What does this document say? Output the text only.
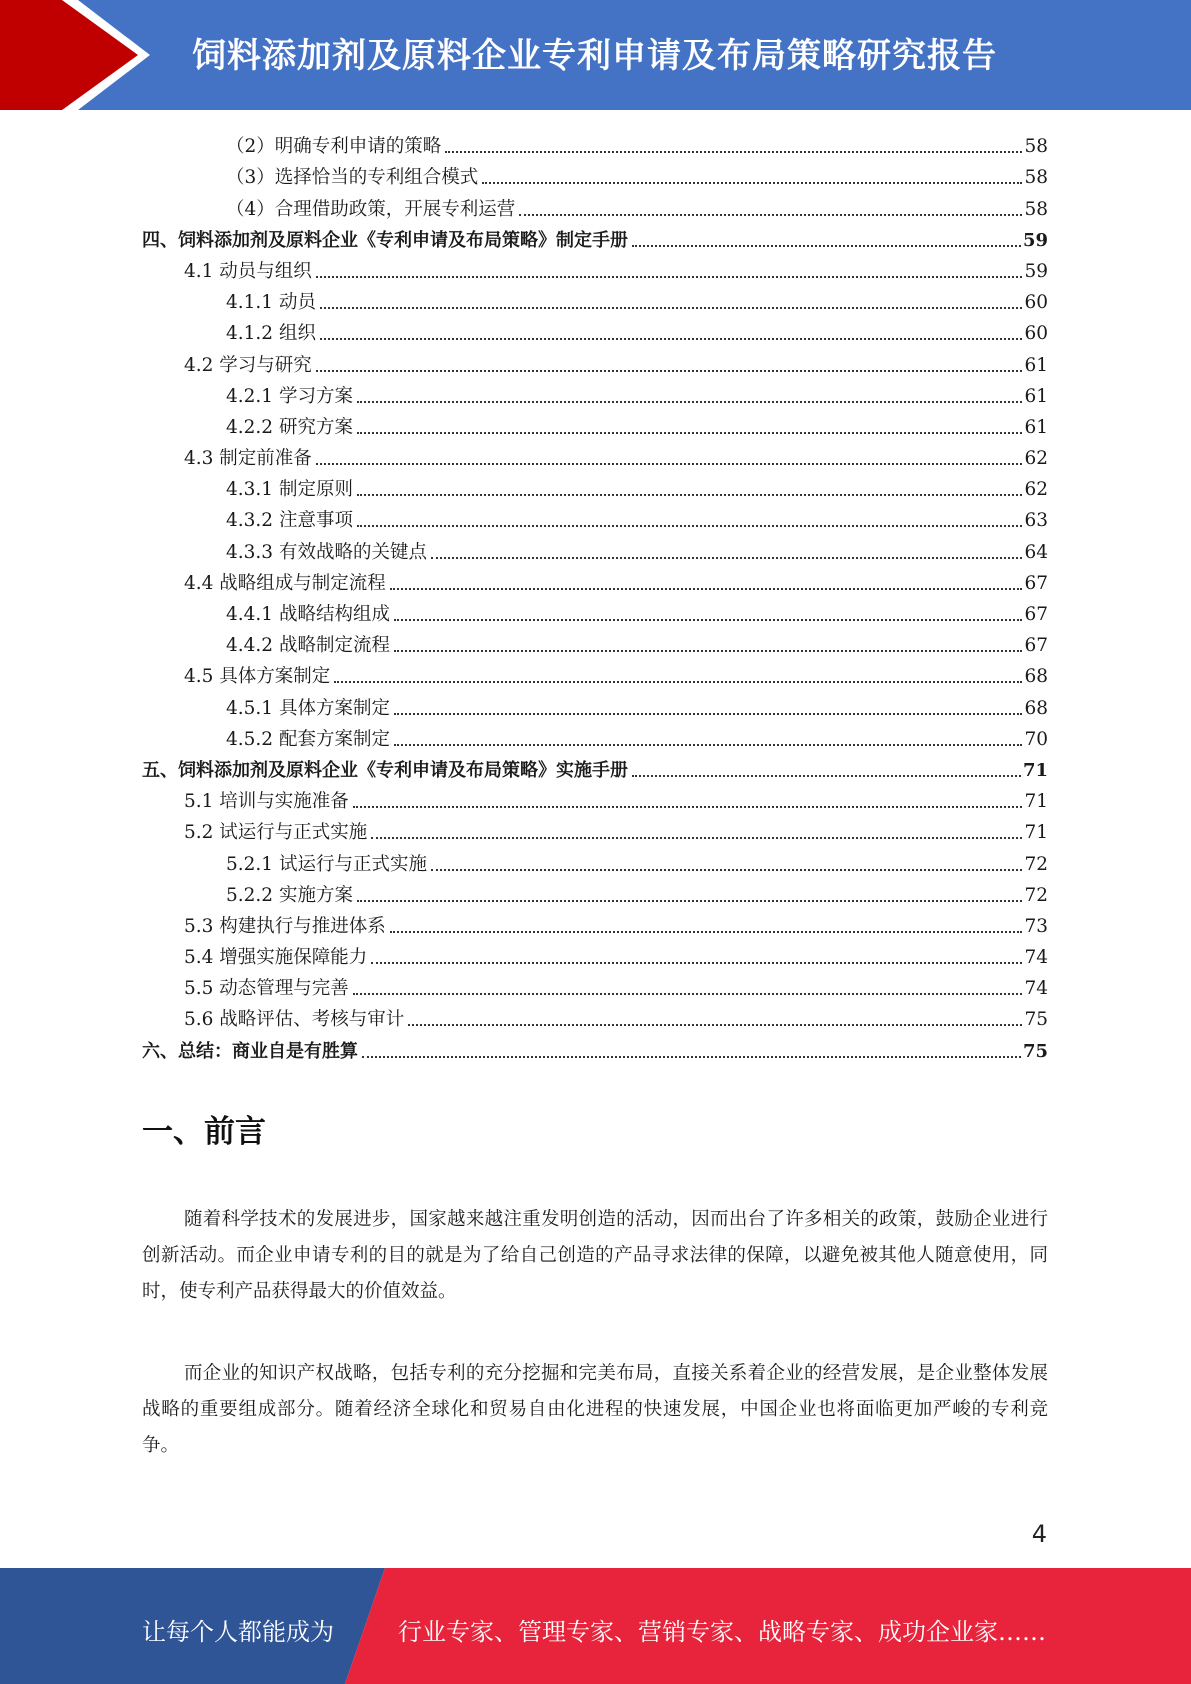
饲料添加剂及原料企业专利申请及布局策略研究报告
（2）明确专利申请的策略	58
（3）选择恰当的专利组合模式	58
（4）合理借助政策，开展专利运营	58
四、饲料添加剂及原料企业《专利申请及布局策略》制定手册	59
4.1 动员与组织	59
4.1.1 动员	60
4.1.2 组织	60
4.2 学习与研究	61
4.2.1 学习方案	61
4.2.2 研究方案	61
4.3 制定前准备	62
4.3.1 制定原则	62
4.3.2 注意事项	63
4.3.3 有效战略的关键点	64
4.4 战略组成与制定流程	67
4.4.1 战略结构组成	67
4.4.2 战略制定流程	67
4.5 具体方案制定	68
4.5.1 具体方案制定	68
4.5.2 配套方案制定	70
五、饲料添加剂及原料企业《专利申请及布局策略》实施手册	71
5.1 培训与实施准备	71
5.2 试运行与正式实施	71
5.2.1 试运行与正式实施	72
5.2.2 实施方案	72
5.3 构建执行与推进体系	73
5.4 增强实施保障能力	74
5.5 动态管理与完善	74
5.6 战略评估、考核与审计	75
六、总结：商业自是有胜算	75
一、前言

随着科学技术的发展进步，国家越来越注重发明创造的活动，因而出台了许多相关的政策，鼓励企业进行创新活动。而企业申请专利的目的就是为了给自己创造的产品寻求法律的保障，以避免被其他人随意使用，同时，使专利产品获得最大的价值效益。

而企业的知识产权战略，包括专利的充分挖掘和完美布局，直接关系着企业的经营发展，是企业整体发展战略的重要组成部分。随着经济全球化和贸易自由化进程的快速发展，中国企业也将面临更加严峻的专利竞争。

4
让每个人都能成为	行业专家、管理专家、营销专家、战略专家、成功企业家……
